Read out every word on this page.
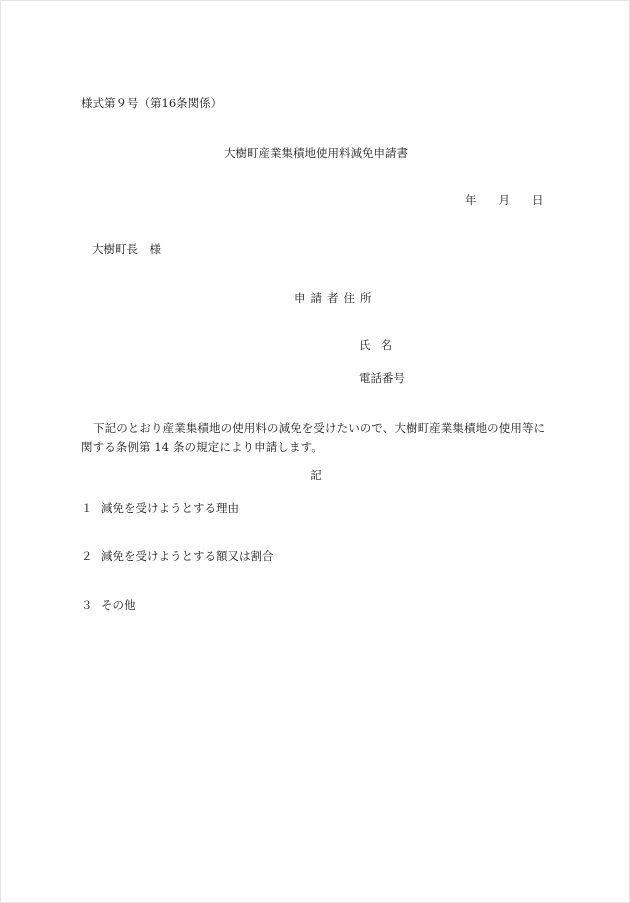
様式第９号（第16条関係）
大樹町産業集積地使用料減免申請書
年 月 日
大樹町長　様
申請者住所
氏名
電話番号
下記のとおり産業集積地の使用料の減免を受けたいので、大樹町産業集積地の使用等に関する条例第 14 条の規定により申請します。
記
１ 減免を受けようとする理由
２ 減免を受けようとする額又は割合
３ その他
